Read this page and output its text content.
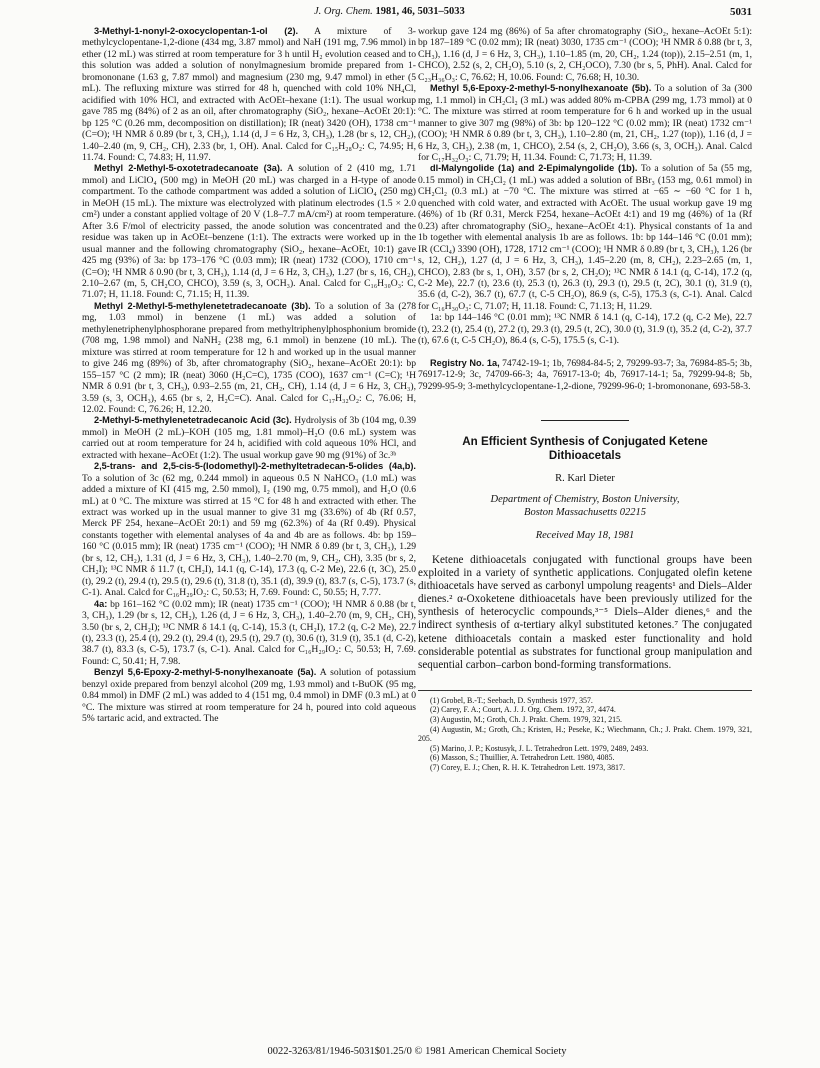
J. Org. Chem. 1981, 46, 5031–5033	5031

3-Methyl-1-nonyl-2-oxocyclopentan-1-ol (2). A mixture of 3-methylcyclopentane-1,2-dione (434 mg, 3.87 mmol) and NaH (191 mg, 7.96 mmol) in ether (12 mL) was stirred at room temperature for 3 h until H₂ evolution ceased and to this solution was added a solution of nonylmagnesium bromide prepared from 1-bromononane (1.63 g, 7.87 mmol) and magnesium (230 mg, 9.47 mmol) in ether (5 mL). The refluxing mixture was stirred for 48 h, quenched with cold 10% NH₄Cl, acidified with 10% HCl, and extracted with AcOEt–hexane (1:1). The usual workup gave 785 mg (84%) of 2 as an oil, after chromatography (SiO₂, hexane–AcOEt 20:1): bp 125 °C (0.26 mm, decomposition on distillation); IR (neat) 3420 (OH), 1738 cm⁻¹ (C=O); ¹H NMR δ 0.89 (br t, 3, CH₃), 1.14 (d, J = 6 Hz, 3, CH₃), 1.28 (br s, 12, CH₂), 1.40–2.40 (m, 9, CH₂, CH), 2.33 (br, 1, OH). Anal. Calcd for C₁₅H₂₈O₂: C, 74.95; H, 11.74. Found: C, 74.83; H, 11.97.

Methyl 2-Methyl-5-oxotetradecanoate (3a). A solution of 2 (410 mg, 1.71 mmol) and LiClO₄ (500 mg) in MeOH (20 mL) was charged in a H-type of anode compartment. To the cathode compartment was added a solution of LiClO₄ (250 mg) in MeOH (15 mL). The mixture was electrolyzed with platinum electrodes (1.5 × 2.0 cm²) under a constant applied voltage of 20 V (1.8–7.7 mA/cm²) at room temperature. After 3.6 F/mol of electricity passed, the anode solution was concentrated and the residue was taken up in AcOEt–benzene (1:1). The extracts were worked up in the usual manner and the following chromatography (SiO₂, hexane–AcOEt, 10:1) gave 425 mg (93%) of 3a: bp 173–176 °C (0.03 mm); IR (neat) 1732 (COO), 1710 cm⁻¹ (C=O); ¹H NMR δ 0.90 (br t, 3, CH₃), 1.14 (d, J = 6 Hz, 3, CH₃), 1.27 (br s, 16, CH₂), 2.10–2.67 (m, 5, CH₂CO, CHCO), 3.59 (s, 3, OCH₃). Anal. Calcd for C₁₆H₃₀O₃: C, 71.07; H, 11.18. Found: C, 71.15; H, 11.39.

Methyl 2-Methyl-5-methylenetetradecanoate (3b). To a solution of 3a (278 mg, 1.03 mmol) in benzene (1 mL) was added a solution of methylenetriphenylphosphorane prepared from methyltriphenylphosphonium bromide (708 mg, 1.98 mmol) and NaNH₂ (238 mg, 6.1 mmol) in benzene (10 mL). The mixture was stirred at room temperature for 12 h and worked up in the usual manner to give 246 mg (89%) of 3b, after chromatography (SiO₂, hexane–AcOEt 20:1): bp 155–157 °C (2 mm); IR (neat) 3060 (H₂C=C), 1735 (COO), 1637 cm⁻¹ (C=C); ¹H NMR δ 0.91 (br t, 3, CH₃), 0.93–2.55 (m, 21, CH₂, CH), 1.14 (d, J = 6 Hz, 3, CH₃), 3.59 (s, 3, OCH₃), 4.65 (br s, 2, H₂C=C). Anal. Calcd for C₁₇H₃₂O₂: C, 76.06; H, 12.02. Found: C, 76.26; H, 12.20.

2-Methyl-5-methylenetetradecanoic Acid (3c). Hydrolysis of 3b (104 mg, 0.39 mmol) in MeOH (2 mL)–KOH (105 mg, 1.81 mmol)–H₂O (0.6 mL) system was carried out at room temperature for 24 h, acidified with cold aqueous 10% HCl, and extracted with hexane–AcOEt (1:2). The usual workup gave 90 mg (91%) of 3c.³ᵇ

2,5-trans- and 2,5-cis-5-(Iodomethyl)-2-methyltetradecan-5-olides (4a,b). To a solution of 3c (62 mg, 0.244 mmol) in aqueous 0.5 N NaHCO₃ (1.0 mL) was added a mixture of KI (415 mg, 2.50 mmol), I₂ (190 mg, 0.75 mmol), and H₂O (0.6 mL) at 0 °C. The mixture was stirred at 15 °C for 48 h and extracted with ether. The extract was worked up in the usual manner to give 31 mg (33.6%) of 4b (Rf 0.57, Merck PF 254, hexane–AcOEt 20:1) and 59 mg (62.3%) of 4a (Rf 0.49). Physical constants together with elemental analyses of 4a and 4b are as follows. 4b: bp 159–160 °C (0.015 mm); IR (neat) 1735 cm⁻¹ (COO); ¹H NMR δ 0.89 (br t, 3, CH₃), 1.29 (br s, 12, CH₂), 1.31 (d, J = 6 Hz, 3, CH₃), 1.40–2.70 (m, 9, CH₂, CH), 3.35 (br s, 2, CH₂I); ¹³C NMR δ 11.7 (t, CH₂I), 14.1 (q, C-14), 17.3 (q, C-2 Me), 22.6 (t, 3C), 25.0 (t), 29.2 (t), 29.4 (t), 29.5 (t), 29.6 (t), 31.8 (t), 35.1 (d), 39.9 (t), 83.7 (s, C-5), 173.7 (s, C-1). Anal. Calcd for C₁₆H₂₉IO₂: C, 50.53; H, 7.69. Found: C, 50.55; H, 7.77.

4a: bp 161–162 °C (0.02 mm); IR (neat) 1735 cm⁻¹ (COO); ¹H NMR δ 0.88 (br t, 3, CH₃), 1.29 (br s, 12, CH₂), 1.26 (d, J = 6 Hz, 3, CH₃), 1.40–2.70 (m, 9, CH₂, CH), 3.50 (br s, 2, CH₂I); ¹³C NMR δ 14.1 (q, C-14), 15.3 (t, CH₂I), 17.2 (q, C-2 Me), 22.7 (t), 23.3 (t), 25.4 (t), 29.2 (t), 29.4 (t), 29.5 (t), 29.7 (t), 30.6 (t), 31.9 (t), 35.1 (d, C-2), 38.7 (t), 83.3 (s, C-5), 173.7 (s, C-1). Anal. Calcd for C₁₆H₂₉IO₂: C, 50.53; H, 7.69. Found: C, 50.41; H, 7.98.

Benzyl 5,6-Epoxy-2-methyl-5-nonylhexanoate (5a). A solution of potassium benzyl oxide prepared from benzyl alcohol (209 mg, 1.93 mmol) and t-BuOK (95 mg, 0.84 mmol) in DMF (2 mL) was added to 4 (151 mg, 0.4 mmol) in DMF (0.3 mL) at 0 °C. The mixture was stirred at room temperature for 24 h, poured into cold aqueous 5% tartaric acid, and extracted. The

workup gave 124 mg (86%) of 5a after chromatography (SiO₂, hexane–AcOEt 5:1): bp 187–189 °C (0.02 mm); IR (neat) 3030, 1735 cm⁻¹ (COO); ¹H NMR δ 0.88 (br t, 3, CH₃), 1.16 (d, J = 6 Hz, 3, CH₃), 1.10–1.85 (m, 20, CH₂, 1.24 (top)), 2.15–2.51 (m, 1, CHCO), 2.52 (s, 2, CH₂O), 5.10 (s, 2, CH₂OCO), 7.30 (br s, 5, PhH). Anal. Calcd for C₂₃H₃₆O₃: C, 76.62; H, 10.06. Found: C, 76.68; H, 10.30.

Methyl 5,6-Epoxy-2-methyl-5-nonylhexanoate (5b). To a solution of 3a (300 mg, 1.1 mmol) in CH₂Cl₂ (3 mL) was added 80% m-CPBA (299 mg, 1.73 mmol) at 0 °C. The mixture was stirred at room temperature for 6 h and worked up in the usual manner to give 307 mg (98%) of 3b: bp 120–122 °C (0.02 mm); IR (neat) 1732 cm⁻¹ (COO); ¹H NMR δ 0.89 (br t, 3, CH₃), 1.10–2.80 (m, 21, CH₂, 1.27 (top)), 1.16 (d, J = 6 Hz, 3, CH₃), 2.38 (m, 1, CHCO), 2.54 (s, 2, CH₂O), 3.66 (s, 3, OCH₃). Anal. Calcd for C₁₇H₃₂O₃: C, 71.79; H, 11.34. Found: C, 71.73; H, 11.39.

dl-Malyngolide (1a) and 2-Epimalyngolide (1b). To a solution of 5a (55 mg, 0.15 mmol) in CH₂Cl₂ (1 mL) was added a solution of BBr₃ (153 mg, 0.61 mmol) in CH₂Cl₂ (0.3 mL) at −70 °C. The mixture was stirred at −65 ∼ −60 °C for 1 h, quenched with cold water, and extracted with AcOEt. The usual workup gave 19 mg (46%) of 1b (Rf 0.31, Merck F254, hexane–AcOEt 4:1) and 19 mg (46%) of 1a (Rf 0.23) after chromatography (SiO₂, hexane–AcOEt 4:1). Physical constants of 1a and 1b together with elemental analysis 1b are as follows. 1b: bp 144–146 °C (0.01 mm); IR (CCl₄) 3390 (OH), 1728, 1712 cm⁻¹ (COO); ¹H NMR δ 0.89 (br t, 3, CH₃), 1.26 (br s, 12, CH₂), 1.27 (d, J = 6 Hz, 3, CH₃), 1.45–2.20 (m, 8, CH₂), 2.23–2.65 (m, 1, CHCO), 2.83 (br s, 1, OH), 3.57 (br s, 2, CH₂O); ¹³C NMR δ 14.1 (q, C-14), 17.2 (q, C-2 Me), 22.7 (t), 23.6 (t), 25.3 (t), 26.3 (t), 29.3 (t), 29.5 (t, 2C), 30.1 (t), 31.9 (t), 35.6 (d, C-2), 36.7 (t), 67.7 (t, C-5 CH₂O), 86.9 (s, C-5), 175.3 (s, C-1). Anal. Calcd for C₁₆H₃₀O₃: C, 71.07; H, 11.18. Found: C, 71.13; H, 11.29.

1a: bp 144–146 °C (0.01 mm); ¹³C NMR δ 14.1 (q, C-14), 17.2 (q, C-2 Me), 22.7 (t), 23.2 (t), 25.4 (t), 27.2 (t), 29.3 (t), 29.5 (t, 2C), 30.0 (t), 31.9 (t), 35.2 (d, C-2), 37.7 (t), 67.6 (t, C-5 CH₂O), 86.4 (s, C-5), 175.5 (s, C-1).

Registry No. 1a, 74742-19-1; 1b, 76984-84-5; 2, 79299-93-7; 3a, 76984-85-5; 3b, 76917-12-9; 3c, 74709-66-3; 4a, 76917-13-0; 4b, 76917-14-1; 5a, 79299-94-8; 5b, 79299-95-9; 3-methylcyclopentane-1,2-dione, 79299-96-0; 1-bromononane, 693-58-3.

An Efficient Synthesis of Conjugated Ketene Dithioacetals
R. Karl Dieter
Department of Chemistry, Boston University,
Boston Massachusetts 02215
Received May 18, 1981

Ketene dithioacetals conjugated with functional groups have been exploited in a variety of synthetic applications. Conjugated olefin ketene dithioacetals have served as carbonyl umpolung reagents¹ and Diels–Alder dienes.² α-Oxoketene dithioacetals have been previously utilized for the synthesis of heterocyclic compounds,³⁻⁵ Diels–Alder dienes,⁶ and the indirect synthesis of α-tertiary alkyl substituted ketones.⁷ The conjugated ketene dithioacetals contain a masked ester functionality and hold considerable potential as substrates for functional group manipulation and sequential carbon–carbon bond-forming transformations.

(1) Grobel, B.-T.; Seebach, D. Synthesis 1977, 357.
(2) Carey, F. A.; Court, A. J. J. Org. Chem. 1972, 37, 4474.
(3) Augustin, M.; Groth, Ch. J. Prakt. Chem. 1979, 321, 215.
(4) Augustin, M.; Groth, Ch.; Kristen, H.; Peseke, K.; Wiechmann, Ch.; J. Prakt. Chem. 1979, 321, 205.
(5) Marino, J. P.; Kostusyk, J. L. Tetrahedron Lett. 1979, 2489, 2493.
(6) Masson, S.; Thuillier, A. Tetrahedron Lett. 1980, 4085.
(7) Corey, E. J.; Chen, R. H. K. Tetrahedron Lett. 1973, 3817.
0022-3263/81/1946-5031$01.25/0 © 1981 American Chemical Society
